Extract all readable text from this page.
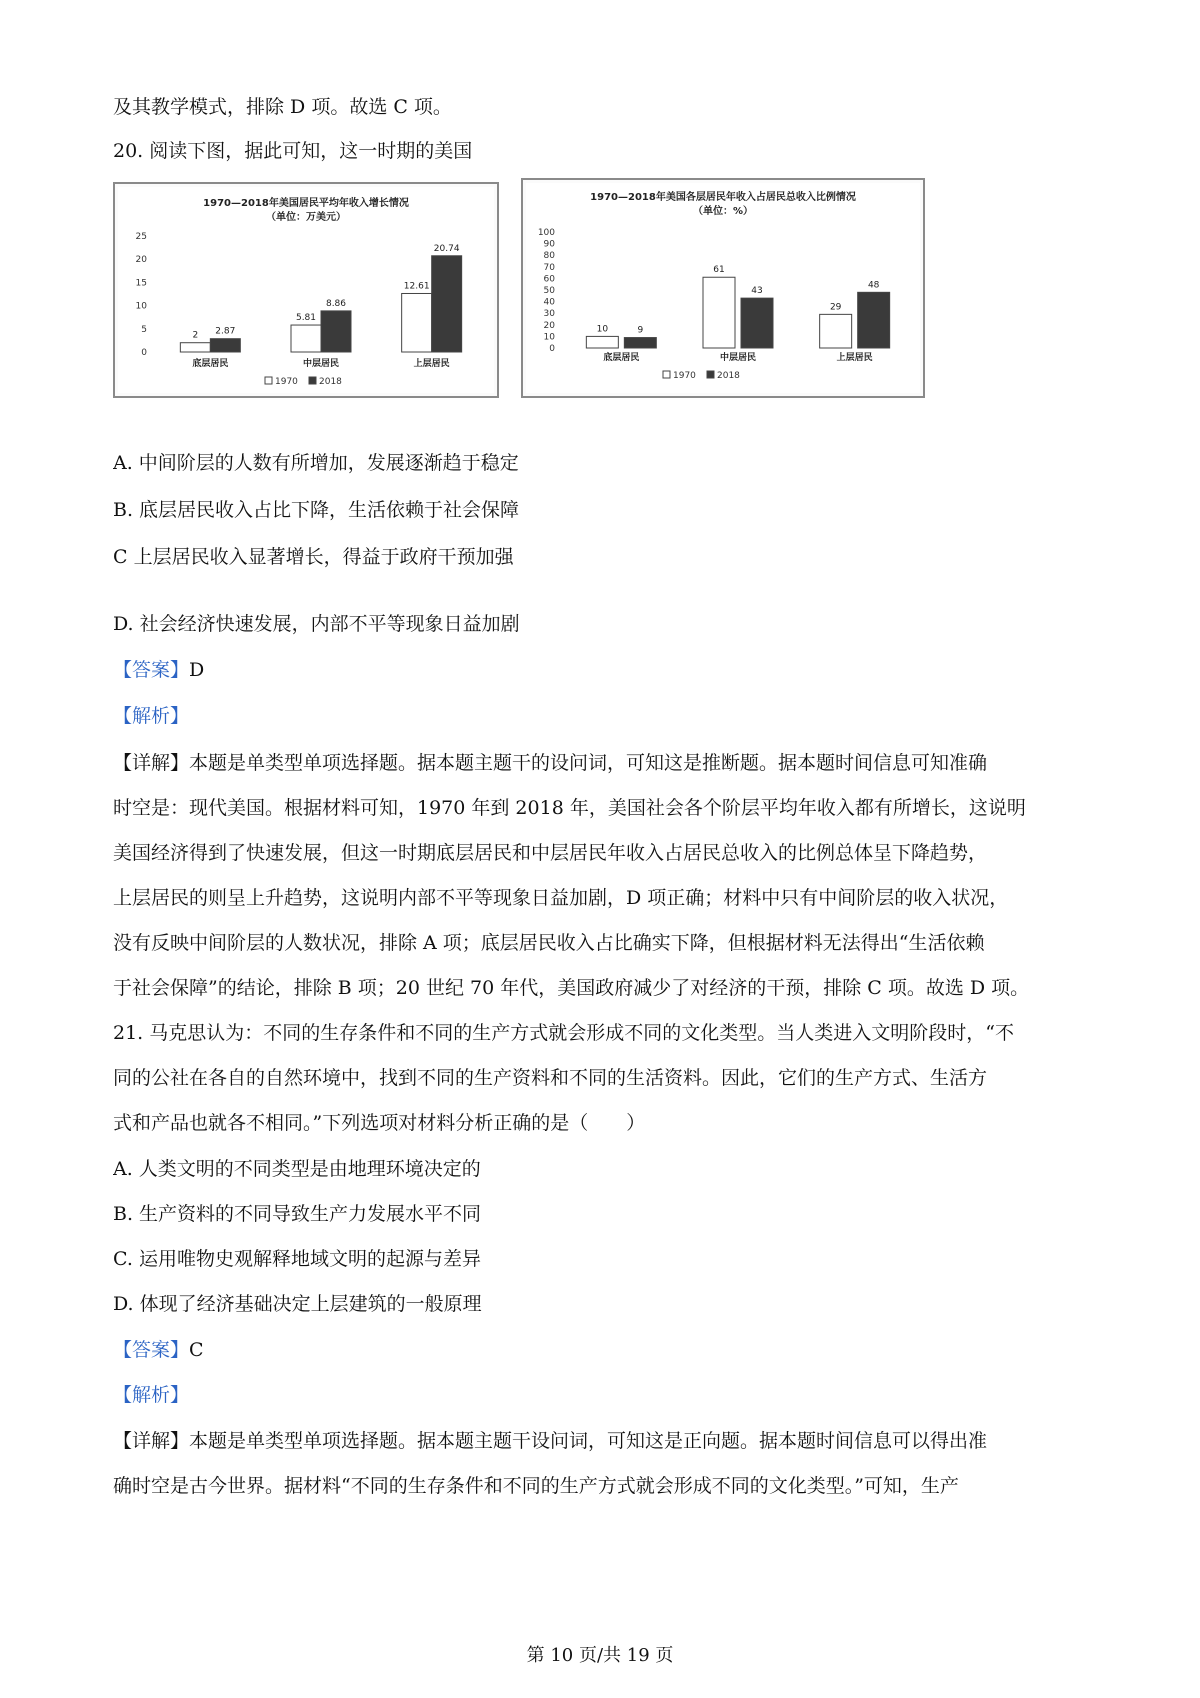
及其教学模式，排除 D 项。故选 C 项。
20. 阅读下图，据此可知，这一时期的美国
1970—2018年美国居民平均年收入增长情况
（单位：万美元）
0
5
10
15
20
25
2 2.87
底层居民
5.81
8.86
中层居民
12.61
20.74
上层居民
1970 2018
1970—2018年美国各层居民年收入占居民总收入比例情况
（单位：%）
0
10
20
30
40
50
60
70
80
90
100
10	9
底层居民
61
43
中层居民
29
48
上层居民
1970 2018
A. 中间阶层的人数有所增加，发展逐渐趋于稳定
B. 底层居民收入占比下降，生活依赖于社会保障
C 上层居民收入显著增长，得益于政府干预加强
D. 社会经济快速发展，内部不平等现象日益加剧
【答案】D
【解析】
【详解】本题是单类型单项选择题。据本题主题干的设问词，可知这是推断题。据本题时间信息可知准确
时空是：现代美国。根据材料可知，1970 年到 2018 年，美国社会各个阶层平均年收入都有所增长，这说明
美国经济得到了快速发展，但这一时期底层居民和中层居民年收入占居民总收入的比例总体呈下降趋势，
上层居民的则呈上升趋势，这说明内部不平等现象日益加剧，D 项正确；材料中只有中间阶层的收入状况，
没有反映中间阶层的人数状况，排除 A 项；底层居民收入占比确实下降，但根据材料无法得出“生活依赖
于社会保障”的结论，排除 B 项；20 世纪 70 年代，美国政府减少了对经济的干预，排除 C 项。故选 D 项。
21. 马克思认为：不同的生存条件和不同的生产方式就会形成不同的文化类型。当人类进入文明阶段时，“不
同的公社在各自的自然环境中，找到不同的生产资料和不同的生活资料。因此，它们的生产方式、生活方
式和产品也就各不相同。”下列选项对材料分析正确的是（　　）
A. 人类文明的不同类型是由地理环境决定的
B. 生产资料的不同导致生产力发展水平不同
C. 运用唯物史观解释地域文明的起源与差异
D. 体现了经济基础决定上层建筑的一般原理
【答案】C
【解析】
【详解】本题是单类型单项选择题。据本题主题干设问词，可知这是正向题。据本题时间信息可以得出准
确时空是古今世界。据材料“不同的生存条件和不同的生产方式就会形成不同的文化类型。”可知，生产
第 10 页/共 19 页
